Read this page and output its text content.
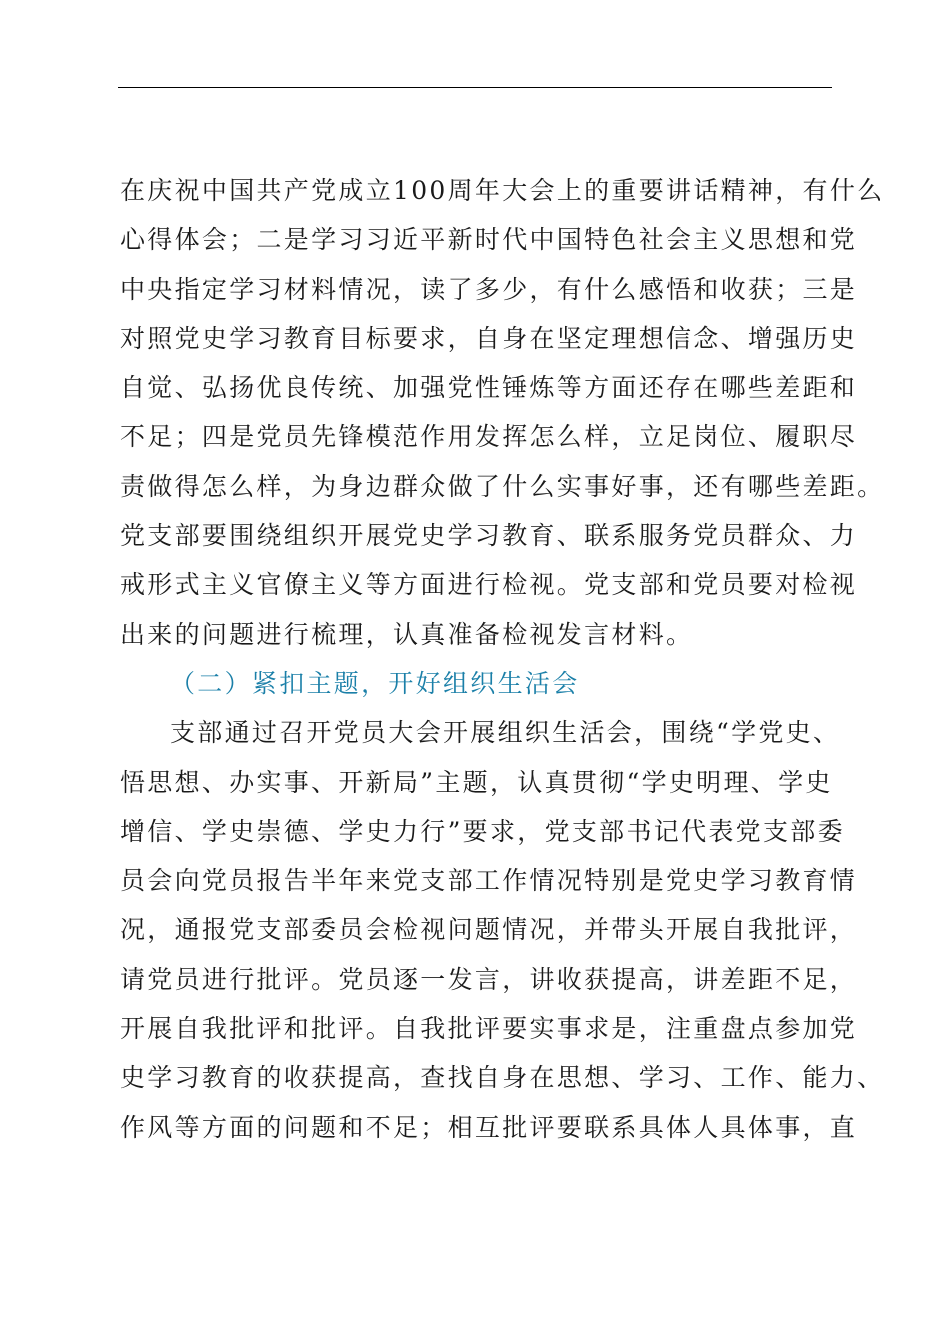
在庆祝中国共产党成立100周年大会上的重要讲话精神，有什么
心得体会；二是学习习近平新时代中国特色社会主义思想和党
中央指定学习材料情况，读了多少，有什么感悟和收获；三是
对照党史学习教育目标要求，自身在坚定理想信念、增强历史
自觉、弘扬优良传统、加强党性锤炼等方面还存在哪些差距和
不足；四是党员先锋模范作用发挥怎么样，立足岗位、履职尽
责做得怎么样，为身边群众做了什么实事好事，还有哪些差距。
党支部要围绕组织开展党史学习教育、联系服务党员群众、力
戒形式主义官僚主义等方面进行检视。党支部和党员要对检视
出来的问题进行梳理，认真准备检视发言材料。
（二）紧扣主题，开好组织生活会
支部通过召开党员大会开展组织生活会，围绕“学党史、
悟思想、办实事、开新局”主题，认真贯彻“学史明理、学史
增信、学史崇德、学史力行”要求，党支部书记代表党支部委
员会向党员报告半年来党支部工作情况特别是党史学习教育情
况，通报党支部委员会检视问题情况，并带头开展自我批评，
请党员进行批评。党员逐一发言，讲收获提高，讲差距不足，
开展自我批评和批评。自我批评要实事求是，注重盘点参加党
史学习教育的收获提高，查找自身在思想、学习、工作、能力、
作风等方面的问题和不足；相互批评要联系具体人具体事，直
